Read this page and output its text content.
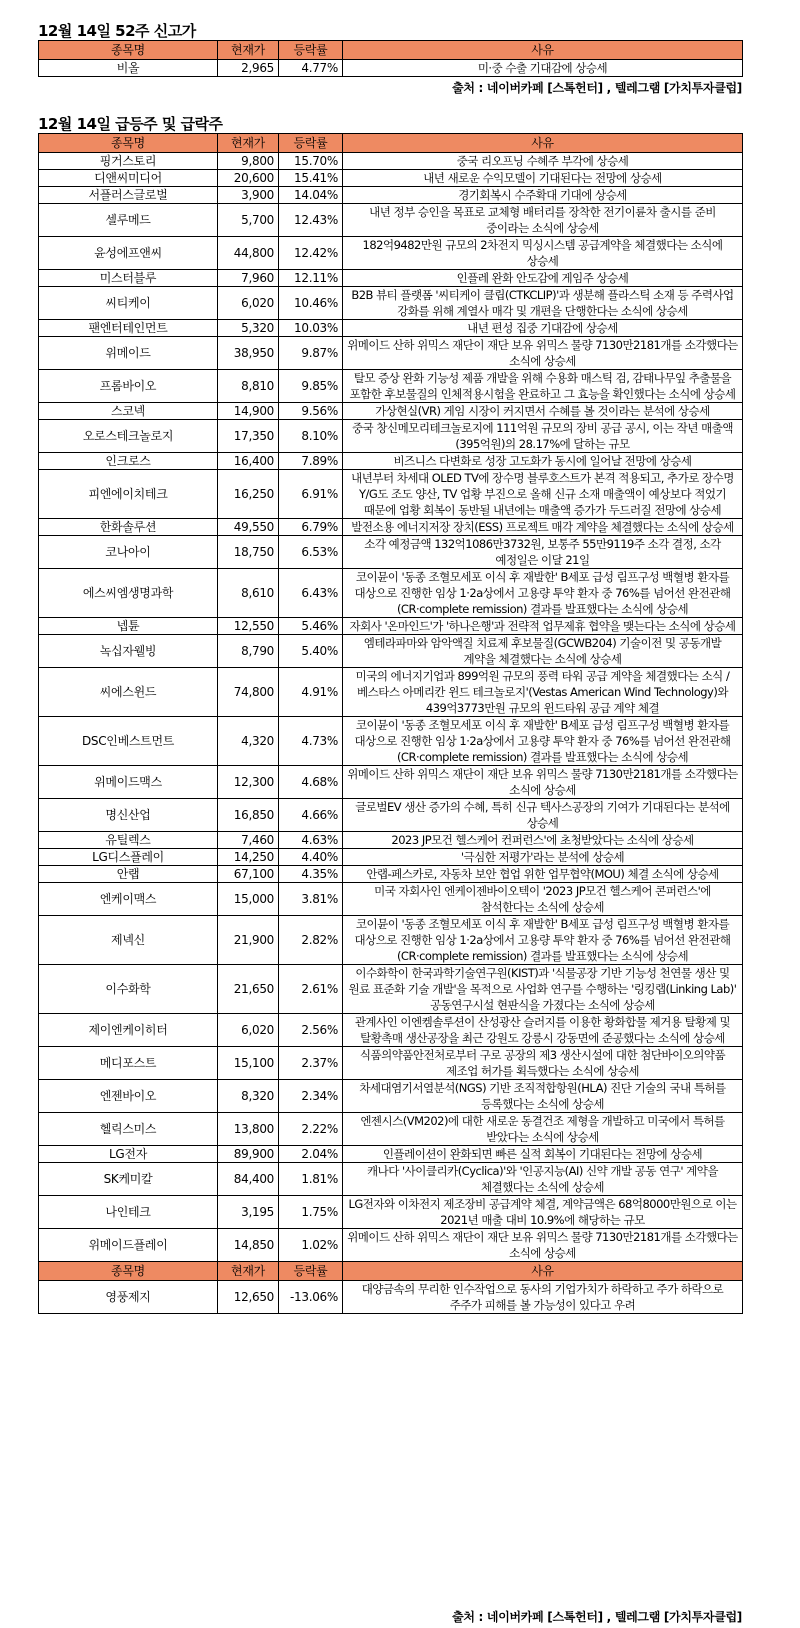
12월 14일 52주 신고가
종목명	현재가	등락률	사유
비올	2,965	4.77%	미·중 수출 기대감에 상승세
출처 : 네이버카페 [스톡헌터] , 텔레그램 [가치투자클럽]
12월 14일 급등주 및 급락주
종목명	현재가	등락률	사유
핑거스토리	9,800	15.70%	중국 리오프닝 수혜주 부각에 상승세
디앤씨미디어	20,600	15.41%	내년 새로운 수익모델이 기대된다는 전망에 상승세
서플러스글로벌	3,900	14.04%	경기회복시 수주확대 기대에 상승세
셀루메드	5,700	12.43%	내년 정부 승인을 목표로 교체형 배터리를 장착한 전기이륜차 출시를 준비 중이라는 소식에 상승세
윤성에프앤씨	44,800	12.42%	182억9482만원 규모의 2차전지 믹싱시스템 공급계약을 체결했다는 소식에 상승세
미스터블루	7,960	12.11%	인플레 완화 안도감에 게임주 상승세
씨티케이	6,020	10.46%	B2B 뷰티 플랫폼 '씨티케이 클립(CTKCLIP)'과 생분해 플라스틱 소재 등 주력사업 강화를 위해 계열사 매각 및 개편을 단행한다는 소식에 상승세
팬엔터테인먼트	5,320	10.03%	내년 편성 집중 기대감에 상승세
위메이드	38,950	9.87%	위메이드 산하 위믹스 재단이 재단 보유 위믹스 물량 7130만2181개를 소각했다는 소식에 상승세
프롬바이오	8,810	9.85%	탈모 증상 완화 기능성 제품 개발을 위해 수용화 매스틱 검, 감태나무잎 추출물을 포함한 후보물질의 인체적용시험을 완료하고 그 효능을 확인했다는 소식에 상승세
스코넥	14,900	9.56%	가상현실(VR) 게임 시장이 커지면서 수혜를 볼 것이라는 분석에 상승세
오로스테크놀로지	17,350	8.10%	중국 창신메모리테크놀로지에 111억원 규모의 장비 공급 공시, 이는 작년 매출액(395억원)의 28.17%에 달하는 규모
인크로스	16,400	7.89%	비즈니스 다변화로 성장 고도화가 동시에 일어날 전망에 상승세
피엔에이치테크	16,250	6.91%	내년부터 차세대 OLED TV에 장수명 블루호스트가 본격 적용되고, 추가로 장수명 Y/G도 조도 양산, TV 업황 부진으로 올해 신규 소재 매출액이 예상보다 적었기 때문에 업황 회복이 동반될 내년에는 매출액 증가가 두드러질 전망에 상승세
한화솔루션	49,550	6.79%	발전소용 에너지저장 장치(ESS) 프로젝트 매각 계약을 체결했다는 소식에 상승세
코나아이	18,750	6.53%	소각 예정금액 132억1086만3732원, 보통주 55만9119주 소각 결정, 소각 예정일은 이달 21일
에스씨엠생명과학	8,610	6.43%	코이뮨이 '동종 조혈모세포 이식 후 재발한' B세포 급성 림프구성 백혈병 환자를 대상으로 진행한 임상 1·2a상에서 고용량 투약 환자 중 76%를 넘어선 완전관해(CR·complete remission) 결과를 발표했다는 소식에 상승세
넵튠	12,550	5.46%	자회사 '온마인드'가 '하나은행'과 전략적 업무제휴 협약을 맺는다는 소식에 상승세
녹십자웰빙	8,790	5.40%	엠테라파마와 암악액질 치료제 후보물질(GCWB204) 기술이전 및 공동개발 계약을 체결했다는 소식에 상승세
씨에스윈드	74,800	4.91%	미국의 에너지기업과 899억원 규모의 풍력 타워 공급 계약을 체결했다는 소식 / 베스타스 아메리칸 윈드 테크놀로지'(Vestas American Wind Technology)와 439억3773만원 규모의 윈드타워 공급 계약 체결
DSC인베스트먼트	4,320	4.73%	코이뮨이 '동종 조혈모세포 이식 후 재발한' B세포 급성 림프구성 백혈병 환자를 대상으로 진행한 임상 1·2a상에서 고용량 투약 환자 중 76%를 넘어선 완전관해(CR·complete remission) 결과를 발표했다는 소식에 상승세
위메이드맥스	12,300	4.68%	위메이드 산하 위믹스 재단이 재단 보유 위믹스 물량 7130만2181개를 소각했다는 소식에 상승세
명신산업	16,850	4.66%	글로벌EV 생산 증가의 수혜, 특히 신규 텍사스공장의 기여가 기대된다는 분석에 상승세
유틸렉스	7,460	4.63%	2023 JP모건 헬스케어 컨퍼런스'에 초청받았다는 소식에 상승세
LG디스플레이	14,250	4.40%	'극심한 저평가'라는 분석에 상승세
안랩	67,100	4.35%	안랩-페스카로, 자동차 보안 협업 위한 업무협약(MOU) 체결 소식에 상승세
엔케이맥스	15,000	3.81%	미국 자회사인 엔케이젠바이오텍이 '2023 JP모건 헬스케어 콘퍼런스'에 참석한다는 소식에 상승세
제넥신	21,900	2.82%	코이뮨이 '동종 조혈모세포 이식 후 재발한' B세포 급성 림프구성 백혈병 환자를 대상으로 진행한 임상 1·2a상에서 고용량 투약 환자 중 76%를 넘어선 완전관해(CR·complete remission) 결과를 발표했다는 소식에 상승세
이수화학	21,650	2.61%	이수화학이 한국과학기술연구원(KIST)과 '식물공장 기반 기능성 천연물 생산 및 원료 표준화 기술 개발'을 목적으로 사업화 연구를 수행하는 '링킹랩(Linking Lab)' 공동연구시설 현판식을 가졌다는 소식에 상승세
제이엔케이히터	6,020	2.56%	관계사인 이엔켐솔루션이 산성광산 슬러지를 이용한 황화합물 제거용 탈황제 및 탈황촉매 생산공장을 최근 강원도 강릉시 강동면에 준공했다는 소식에 상승세
메디포스트	15,100	2.37%	식품의약품안전처로부터 구로 공장의 제3 생산시설에 대한 첨단바이오의약품 제조업 허가를 획득했다는 소식에 상승세
엔젠바이오	8,320	2.34%	차세대염기서열분석(NGS) 기반 조직적합항원(HLA) 진단 기술의 국내 특허를 등록했다는 소식에 상승세
헬릭스미스	13,800	2.22%	엔젠시스(VM202)에 대한 새로운 동결건조 제형을 개발하고 미국에서 특허를 받았다는 소식에 상승세
LG전자	89,900	2.04%	인플레이션이 완화되면 빠른 실적 회복이 기대된다는 전망에 상승세
SK케미칼	84,400	1.81%	캐나다 '사이클리카(Cyclica)'와 '인공지능(AI) 신약 개발 공동 연구' 계약을 체결했다는 소식에 상승세
나인테크	3,195	1.75%	LG전자와 이차전지 제조장비 공급계약 체결, 계약금액은 68억8000만원으로 이는 2021년 매출 대비 10.9%에 해당하는 규모
위메이드플레이	14,850	1.02%	위메이드 산하 위믹스 재단이 재단 보유 위믹스 물량 7130만2181개를 소각했다는 소식에 상승세
종목명	현재가	등락률	사유
영풍제지	12,650	-13.06%	대양금속의 무리한 인수작업으로 동사의 기업가치가 하락하고 주가 하락으로 주주가 피해를 볼 가능성이 있다고 우려
출처 : 네이버카페 [스톡헌터] , 텔레그램 [가치투자클럽]
